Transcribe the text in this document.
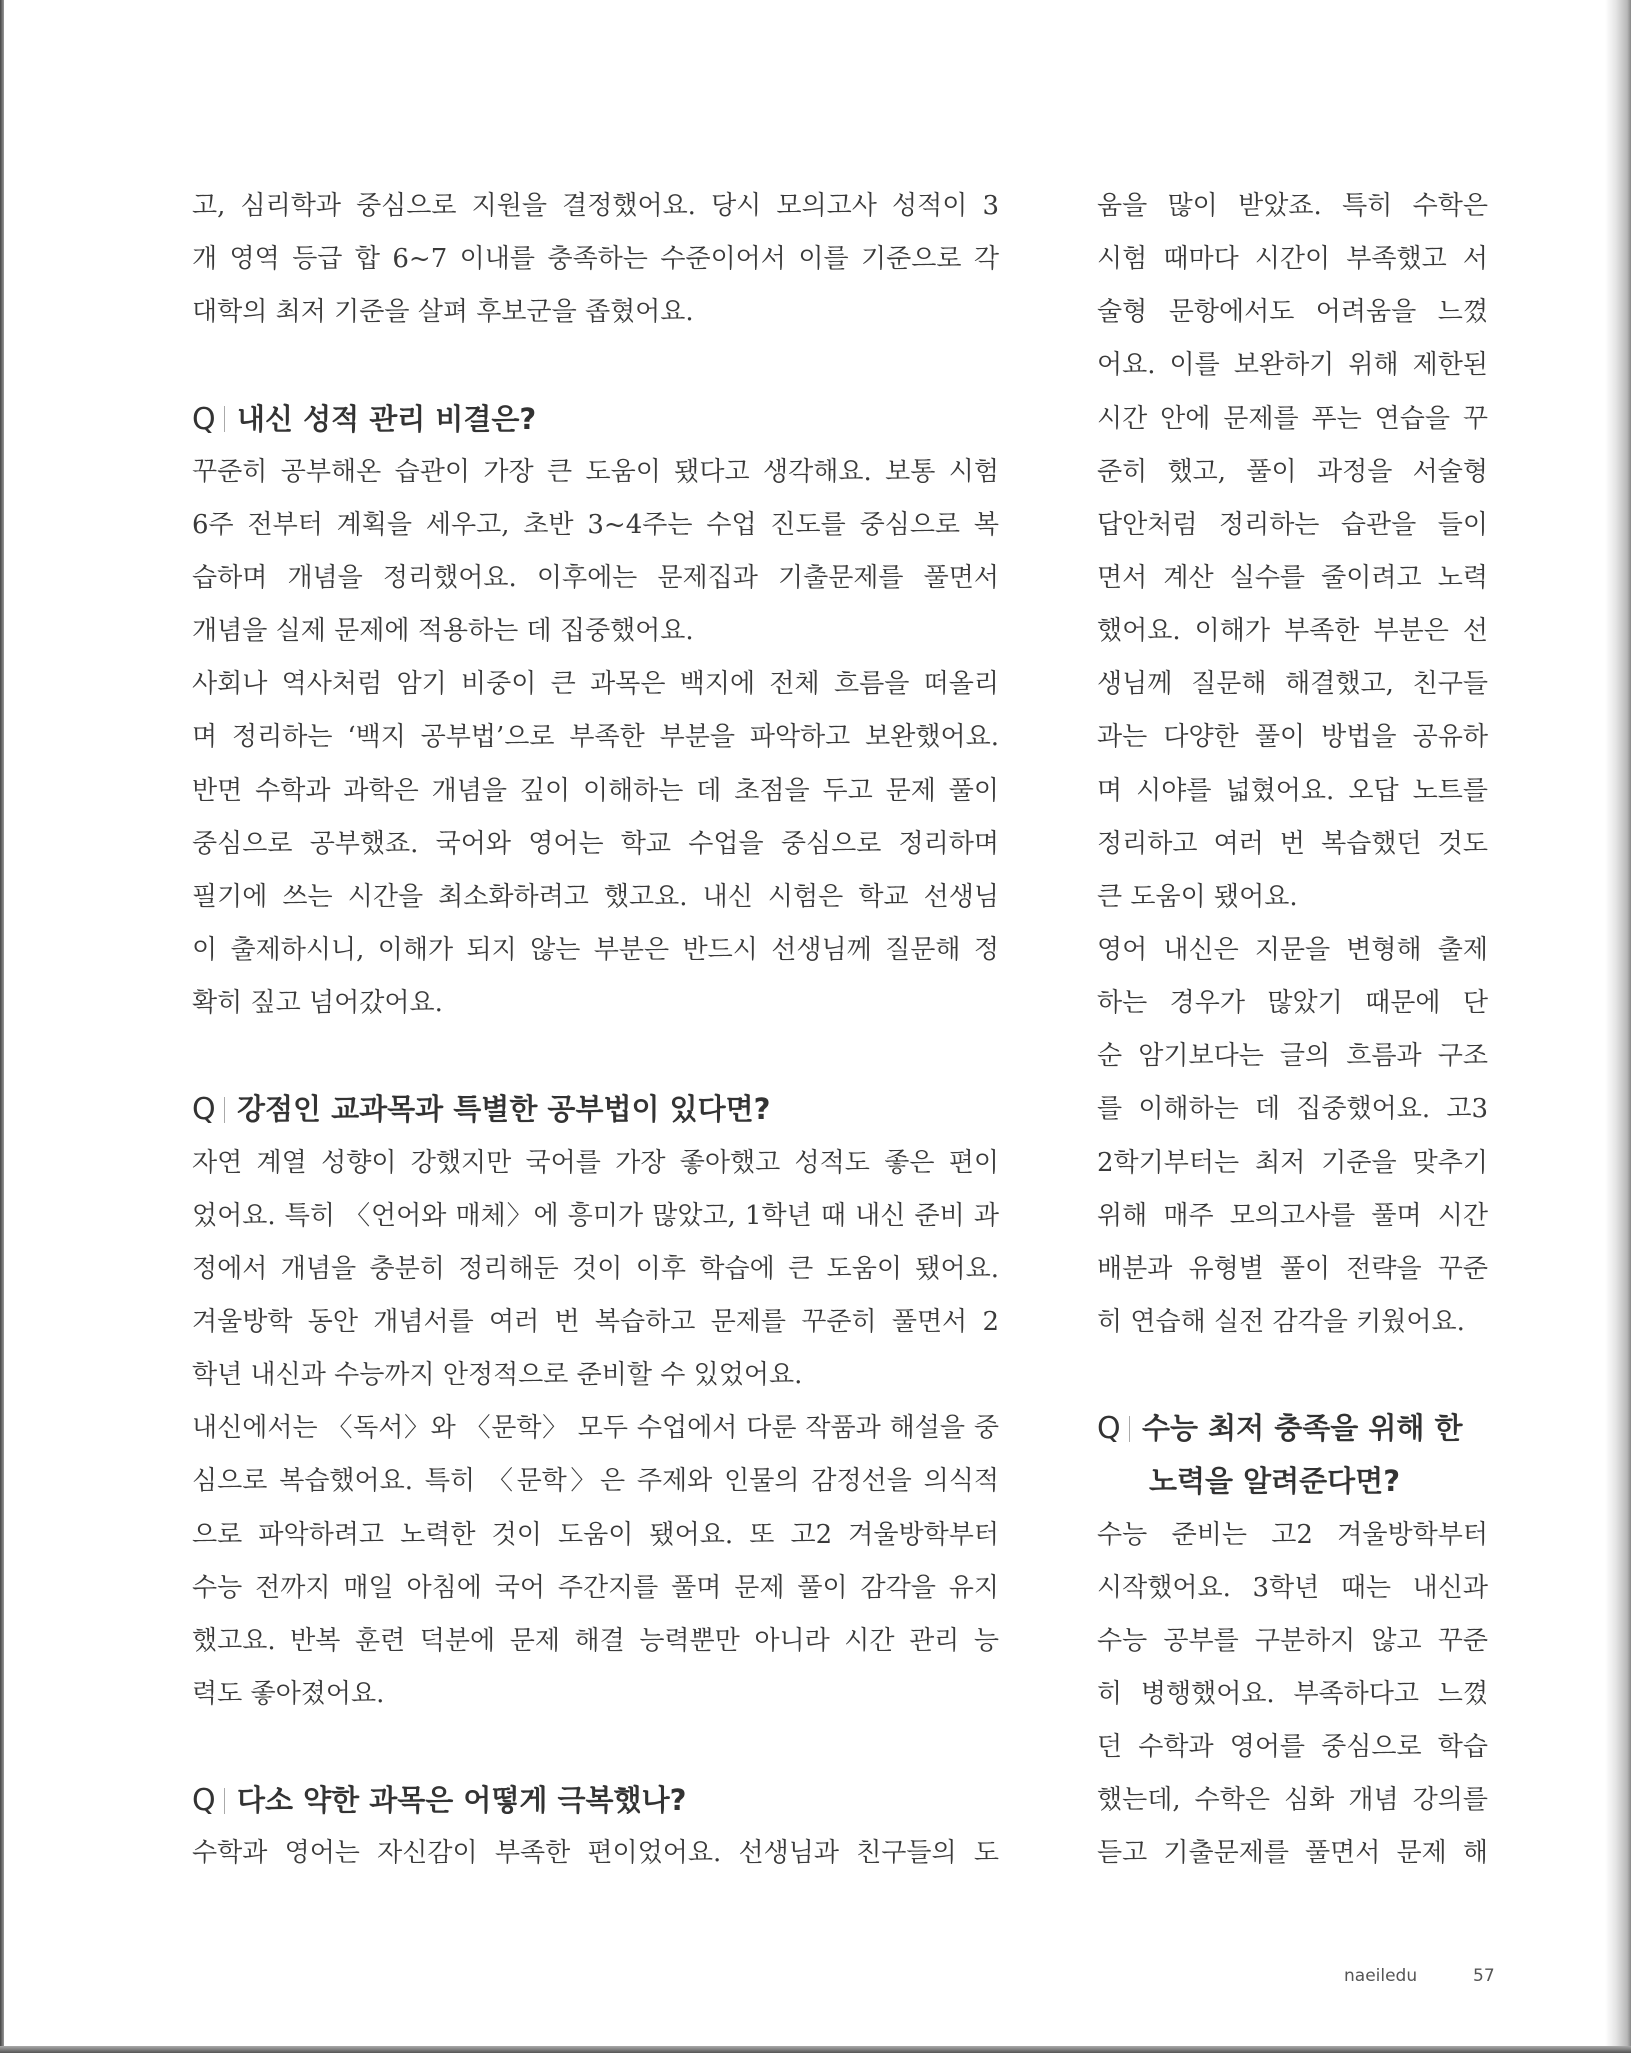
고, 심리학과 중심으로 지원을 결정했어요. 당시 모의고사 성적이 3
개 영역 등급 합 6~7 이내를 충족하는 수준이어서 이를 기준으로 각
대학의 최저 기준을 살펴 후보군을 좁혔어요.
Q 내신 성적 관리 비결은?
꾸준히 공부해온 습관이 가장 큰 도움이 됐다고 생각해요. 보통 시험
6주 전부터 계획을 세우고, 초반 3~4주는 수업 진도를 중심으로 복
습하며 개념을 정리했어요. 이후에는 문제집과 기출문제를 풀면서
개념을 실제 문제에 적용하는 데 집중했어요.
사회나 역사처럼 암기 비중이 큰 과목은 백지에 전체 흐름을 떠올리
며 정리하는 ‘백지 공부법’으로 부족한 부분을 파악하고 보완했어요.
반면 수학과 과학은 개념을 깊이 이해하는 데 초점을 두고 문제 풀이
중심으로 공부했죠. 국어와 영어는 학교 수업을 중심으로 정리하며
필기에 쓰는 시간을 최소화하려고 했고요. 내신 시험은 학교 선생님
이 출제하시니, 이해가 되지 않는 부분은 반드시 선생님께 질문해 정
확히 짚고 넘어갔어요.
Q 강점인 교과목과 특별한 공부법이 있다면?
자연 계열 성향이 강했지만 국어를 가장 좋아했고 성적도 좋은 편이
었어요. 특히 〈언어와 매체〉에 흥미가 많았고, 1학년 때 내신 준비 과
정에서 개념을 충분히 정리해둔 것이 이후 학습에 큰 도움이 됐어요.
겨울방학 동안 개념서를 여러 번 복습하고 문제를 꾸준히 풀면서 2
학년 내신과 수능까지 안정적으로 준비할 수 있었어요.
내신에서는 〈독서〉와 〈문학〉 모두 수업에서 다룬 작품과 해설을 중
심으로 복습했어요. 특히 〈문학〉은 주제와 인물의 감정선을 의식적
으로 파악하려고 노력한 것이 도움이 됐어요. 또 고2 겨울방학부터
수능 전까지 매일 아침에 국어 주간지를 풀며 문제 풀이 감각을 유지
했고요. 반복 훈련 덕분에 문제 해결 능력뿐만 아니라 시간 관리 능
력도 좋아졌어요.
Q 다소 약한 과목은 어떻게 극복했나?
수학과 영어는 자신감이 부족한 편이었어요. 선생님과 친구들의 도
움을 많이 받았죠. 특히 수학은
시험 때마다 시간이 부족했고 서
술형 문항에서도 어려움을 느꼈
어요. 이를 보완하기 위해 제한된
시간 안에 문제를 푸는 연습을 꾸
준히 했고, 풀이 과정을 서술형
답안처럼 정리하는 습관을 들이
면서 계산 실수를 줄이려고 노력
했어요. 이해가 부족한 부분은 선
생님께 질문해 해결했고, 친구들
과는 다양한 풀이 방법을 공유하
며 시야를 넓혔어요. 오답 노트를
정리하고 여러 번 복습했던 것도
큰 도움이 됐어요.
영어 내신은 지문을 변형해 출제
하는 경우가 많았기 때문에 단
순 암기보다는 글의 흐름과 구조
를 이해하는 데 집중했어요. 고3
2학기부터는 최저 기준을 맞추기
위해 매주 모의고사를 풀며 시간
배분과 유형별 풀이 전략을 꾸준
히 연습해 실전 감각을 키웠어요.
Q 수능 최저 충족을 위해 한
노력을 알려준다면?
수능 준비는 고2 겨울방학부터
시작했어요. 3학년 때는 내신과
수능 공부를 구분하지 않고 꾸준
히 병행했어요. 부족하다고 느꼈
던 수학과 영어를 중심으로 학습
했는데, 수학은 심화 개념 강의를
듣고 기출문제를 풀면서 문제 해
naeiledu	57
